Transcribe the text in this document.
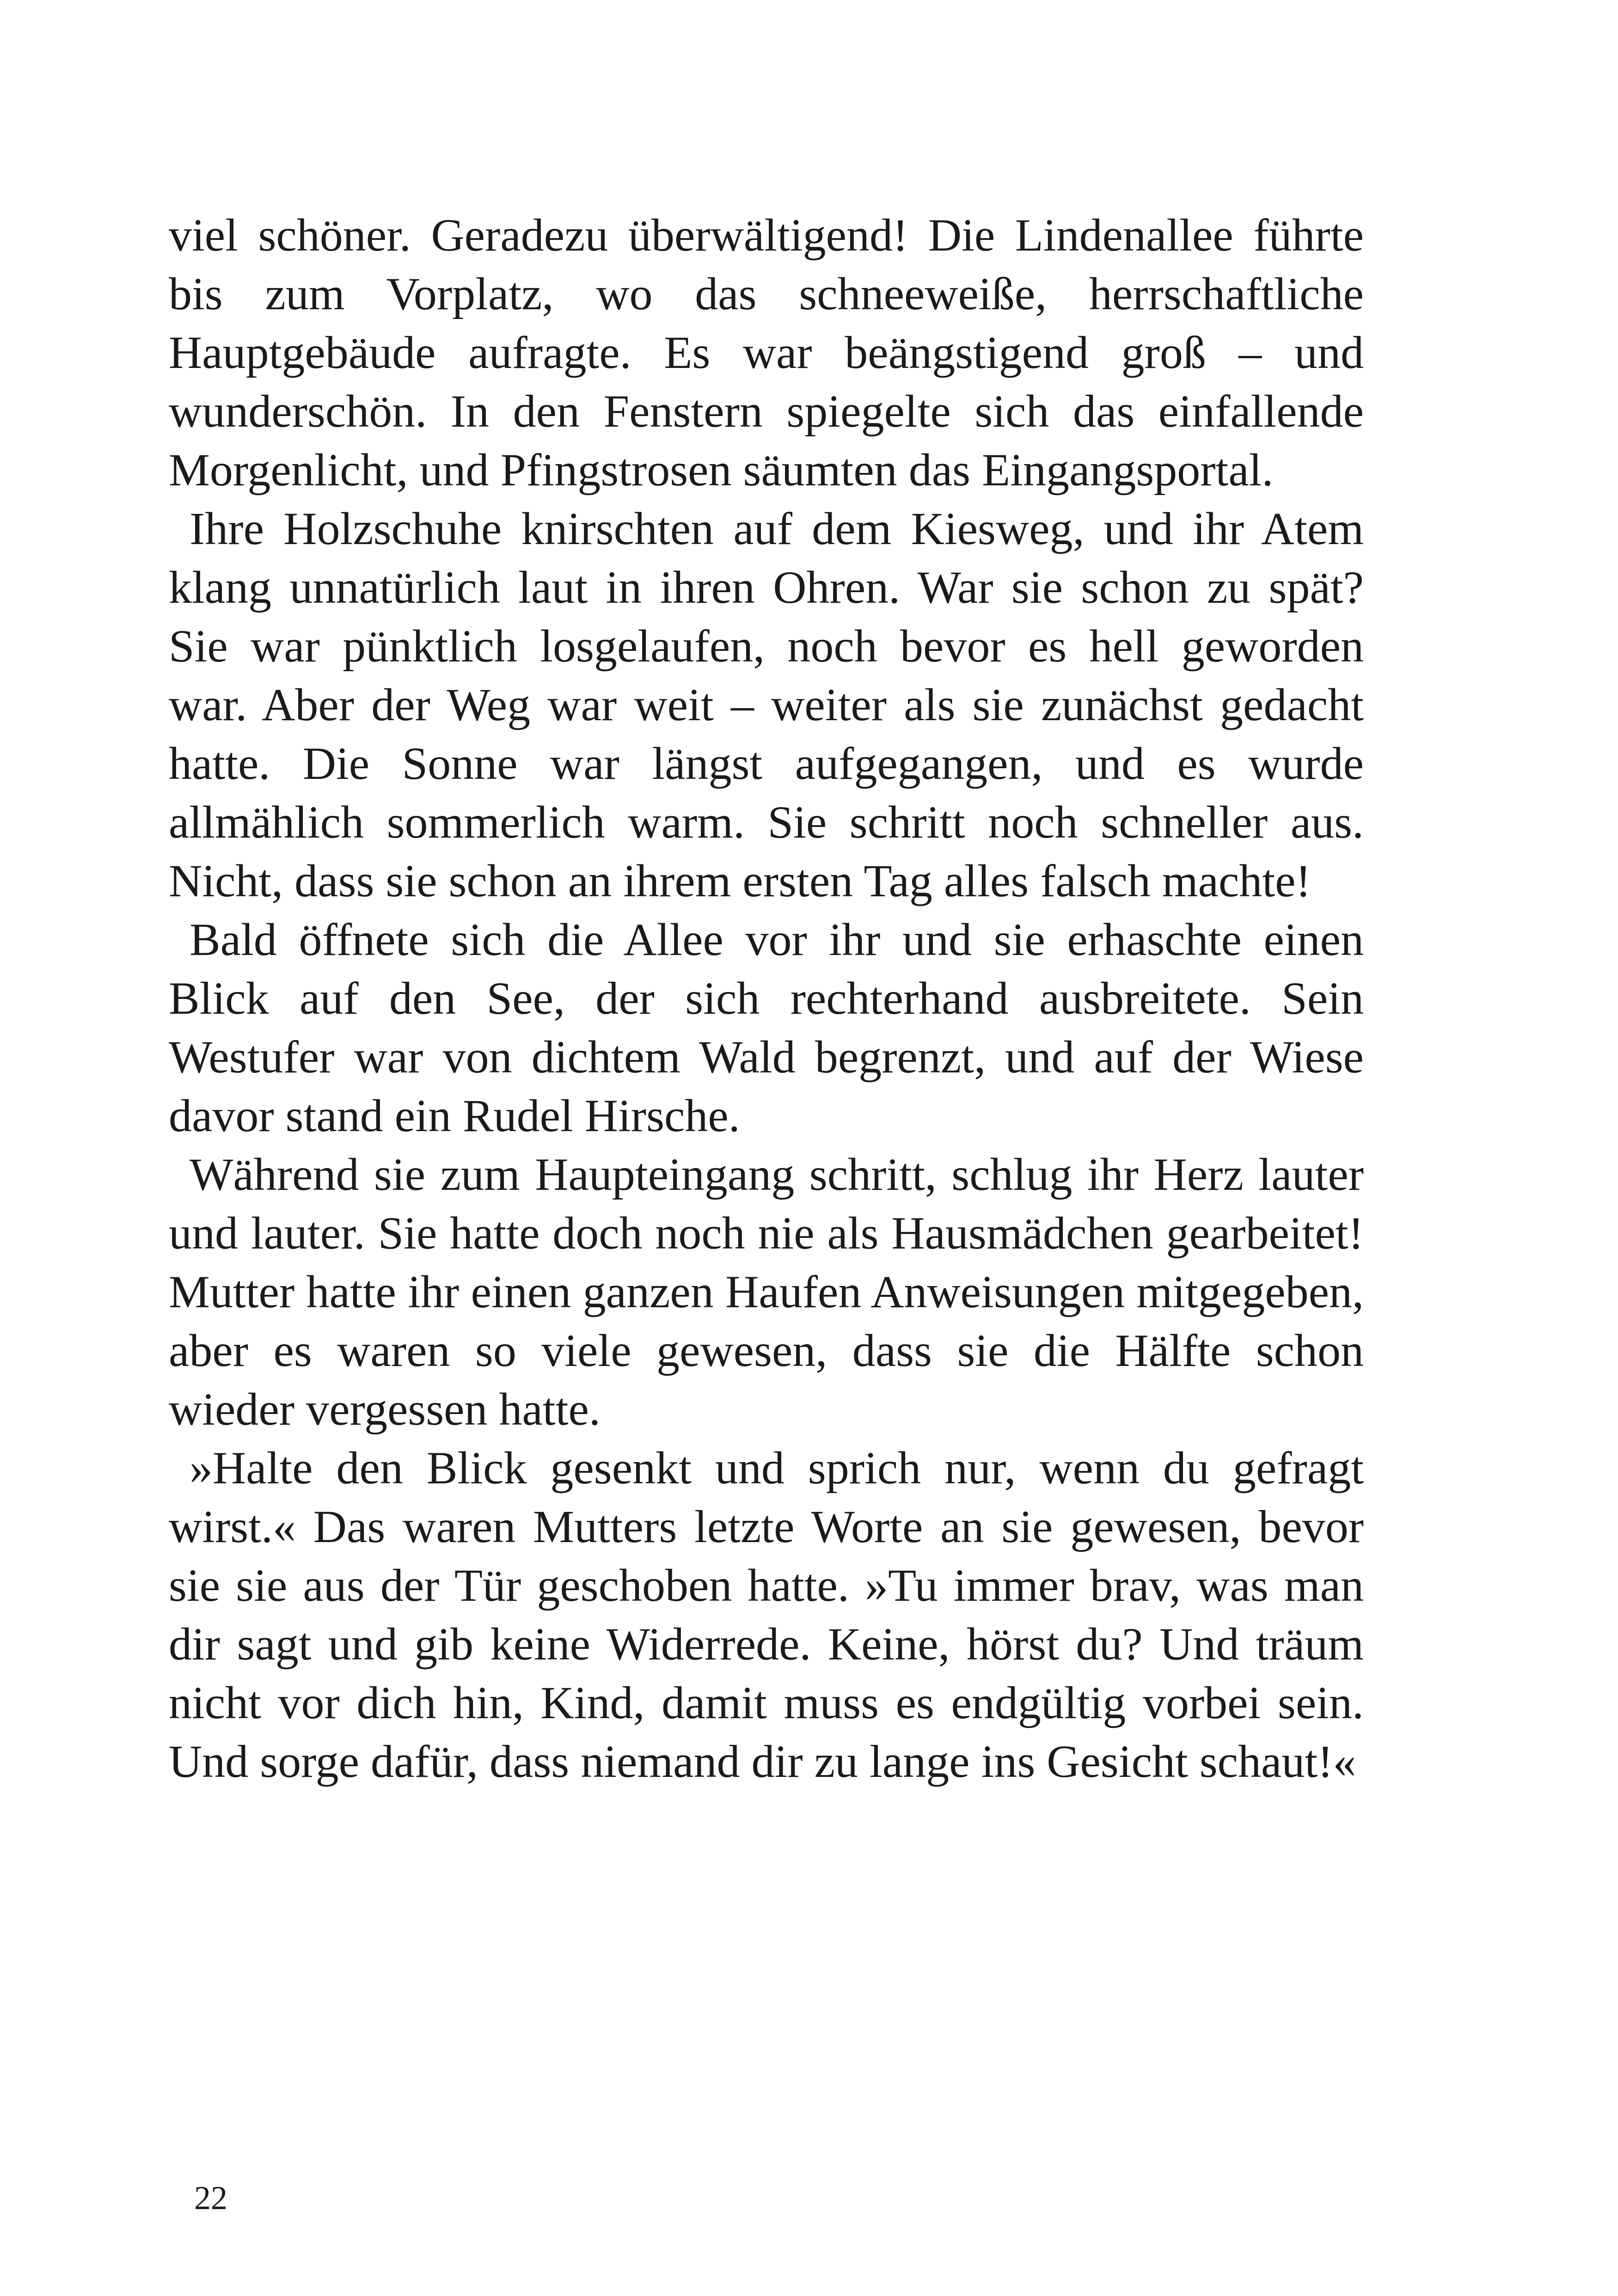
viel schöner. Geradezu überwältigend! Die Lindenallee führte bis zum Vorplatz, wo das schneeweiße, herrschaftliche Hauptgebäude aufragte. Es war beängstigend groß – und wunderschön. In den Fenstern spiegelte sich das einfallende Morgenlicht, und Pfingstrosen säumten das Eingangsportal.

Ihre Holzschuhe knirschten auf dem Kiesweg, und ihr Atem klang unnatürlich laut in ihren Ohren. War sie schon zu spät? Sie war pünktlich losgelaufen, noch bevor es hell geworden war. Aber der Weg war weit – weiter als sie zunächst gedacht hatte. Die Sonne war längst aufgegangen, und es wurde allmählich sommerlich warm. Sie schritt noch schneller aus. Nicht, dass sie schon an ihrem ersten Tag alles falsch machte!

Bald öffnete sich die Allee vor ihr und sie erhaschte einen Blick auf den See, der sich rechterhand ausbreitete. Sein Westufer war von dichtem Wald begrenzt, und auf der Wiese davor stand ein Rudel Hirsche.

Während sie zum Haupteingang schritt, schlug ihr Herz lauter und lauter. Sie hatte doch noch nie als Hausmädchen gearbeitet! Mutter hatte ihr einen ganzen Haufen Anweisungen mitgegeben, aber es waren so viele gewesen, dass sie die Hälfte schon wieder vergessen hatte.

»Halte den Blick gesenkt und sprich nur, wenn du gefragt wirst.« Das waren Mutters letzte Worte an sie gewesen, bevor sie sie aus der Tür geschoben hatte. »Tu immer brav, was man dir sagt und gib keine Widerrede. Keine, hörst du? Und träum nicht vor dich hin, Kind, damit muss es endgültig vorbei sein. Und sorge dafür, dass niemand dir zu lange ins Gesicht schaut!«

22
